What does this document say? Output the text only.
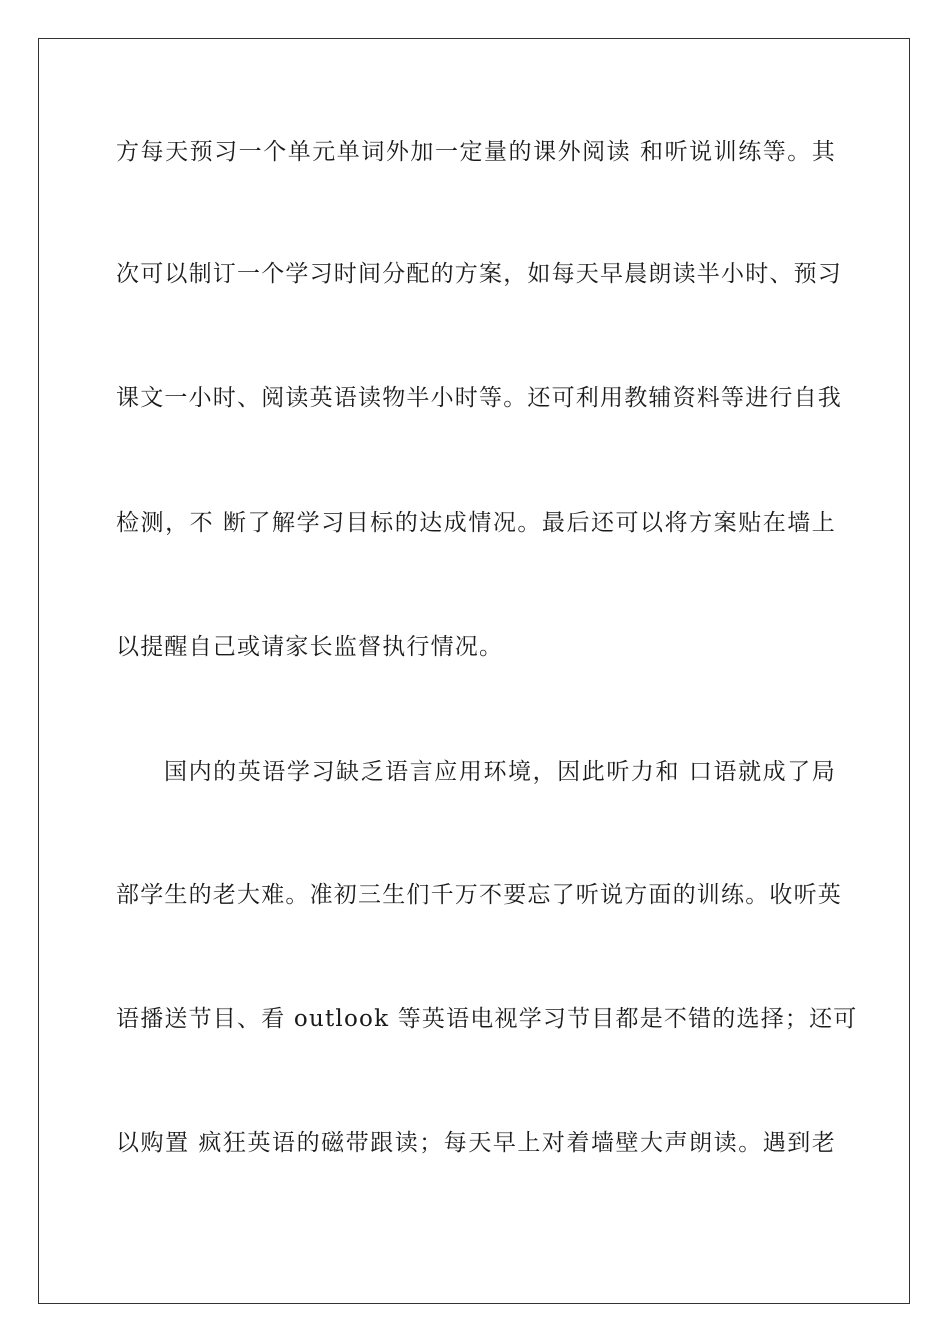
方每天预习一个单元单词外加一定量的课外阅读 和听说训练等。其
次可以制订一个学习时间分配的方案，如每天早晨朗读半小时、预习
课文一小时、阅读英语读物半小时等。还可利用教辅资料等进行自我
检测，不 断了解学习目标的达成情况。最后还可以将方案贴在墙上
以提醒自己或请家长监督执行情况。
国内的英语学习缺乏语言应用环境，因此听力和 口语就成了局
部学生的老大难。准初三生们千万不要忘了听说方面的训练。收听英
语播送节目、看 outlook 等英语电视学习节目都是不错的选择；还可
以购置 疯狂英语的磁带跟读；每天早上对着墙壁大声朗读。遇到老
